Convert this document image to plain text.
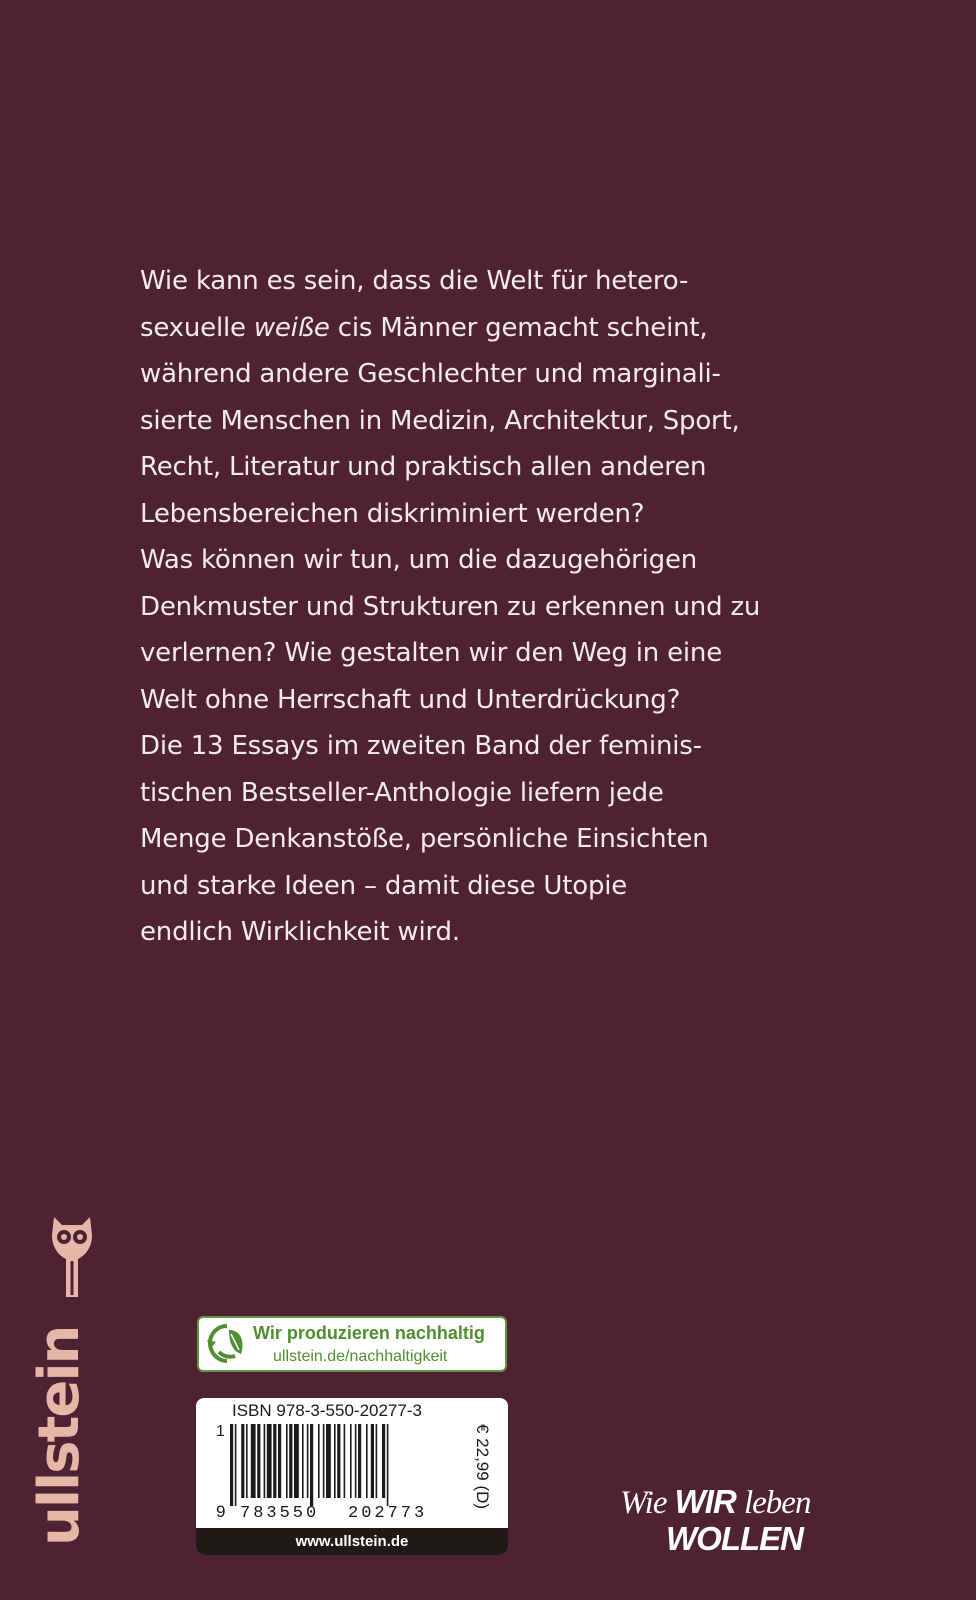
Wie kann es sein, dass die Welt für hetero-
sexuelle weiße cis Männer gemacht scheint,
während andere Geschlechter und marginali-
sierte Menschen in Medizin, Architektur, Sport,
Recht, Literatur und praktisch allen anderen
Lebensbereichen diskriminiert werden?
Was können wir tun, um die dazugehörigen
Denkmuster und Strukturen zu erkennen und zu
verlernen? Wie gestalten wir den Weg in eine
Welt ohne Herrschaft und Unterdrückung?
Die 13 Essays im zweiten Band der feminis-
tischen Bestseller-Anthologie liefern jede
Menge Denkanstöße, persönliche Einsichten
und starke Ideen – damit diese Utopie
endlich Wirklichkeit wird.
ullstein	Wir produzieren nachhaltig
ullstein.de/nachhaltigkeit
ISBN 978-3-550-20277-3
1
9 783550 202773
€ 22,99 (D)
www.ullstein.de
Wie WIR leben
WOLLEN
